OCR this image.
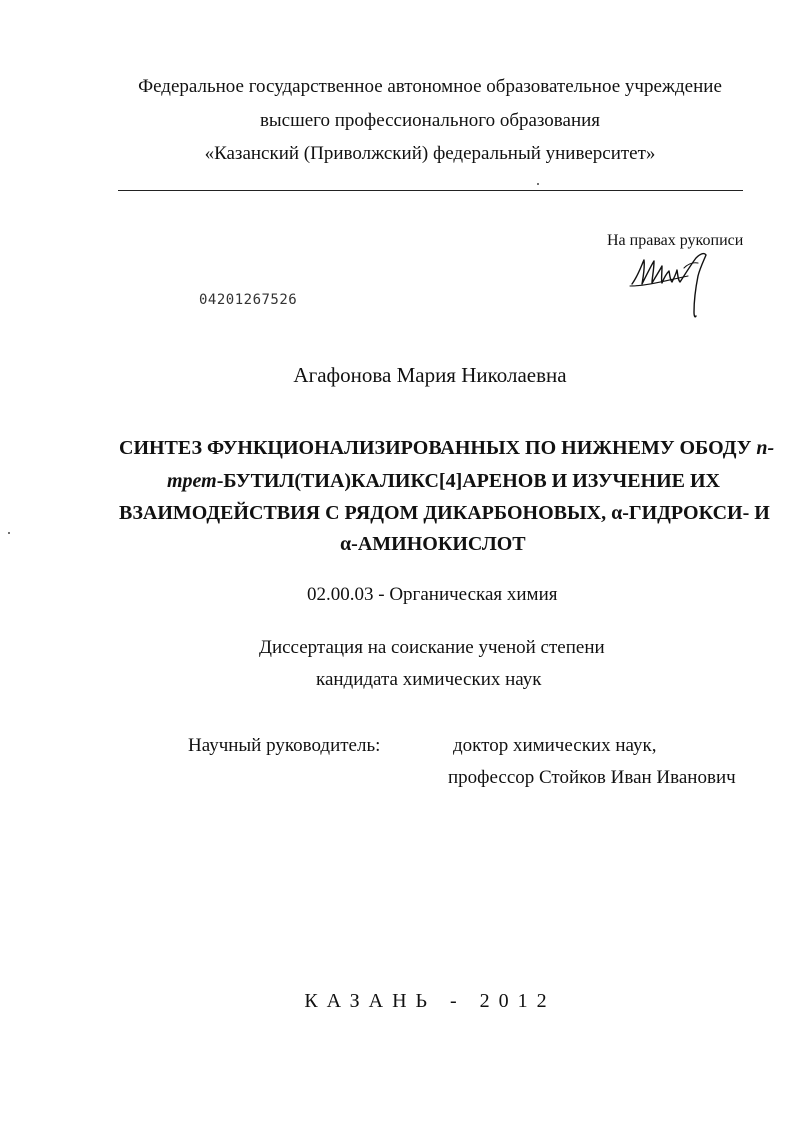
Федеральное государственное автономное образовательное учреждение
высшего профессионального образования
«Казанский (Приволжский) федеральный университет»
На правах рукописи
04201267526
Агафонова Мария Николаевна
СИНТЕЗ ФУНКЦИОНАЛИЗИРОВАННЫХ ПО НИЖНЕМУ ОБОДУ п-
трет-БУТИЛ(ТИА)КАЛИКС[4]АРЕНОВ И ИЗУЧЕНИЕ ИХ
ВЗАИМОДЕЙСТВИЯ С РЯДОМ ДИКАРБОНОВЫХ, α-ГИДРОКСИ- И
α-АМИНОКИСЛОТ
02.00.03 - Органическая химия
Диссертация на соискание ученой степени
кандидата химических наук
Научный руководитель:	доктор химических наук,
профессор Стойков Иван Иванович
КАЗАНЬ - 2012
